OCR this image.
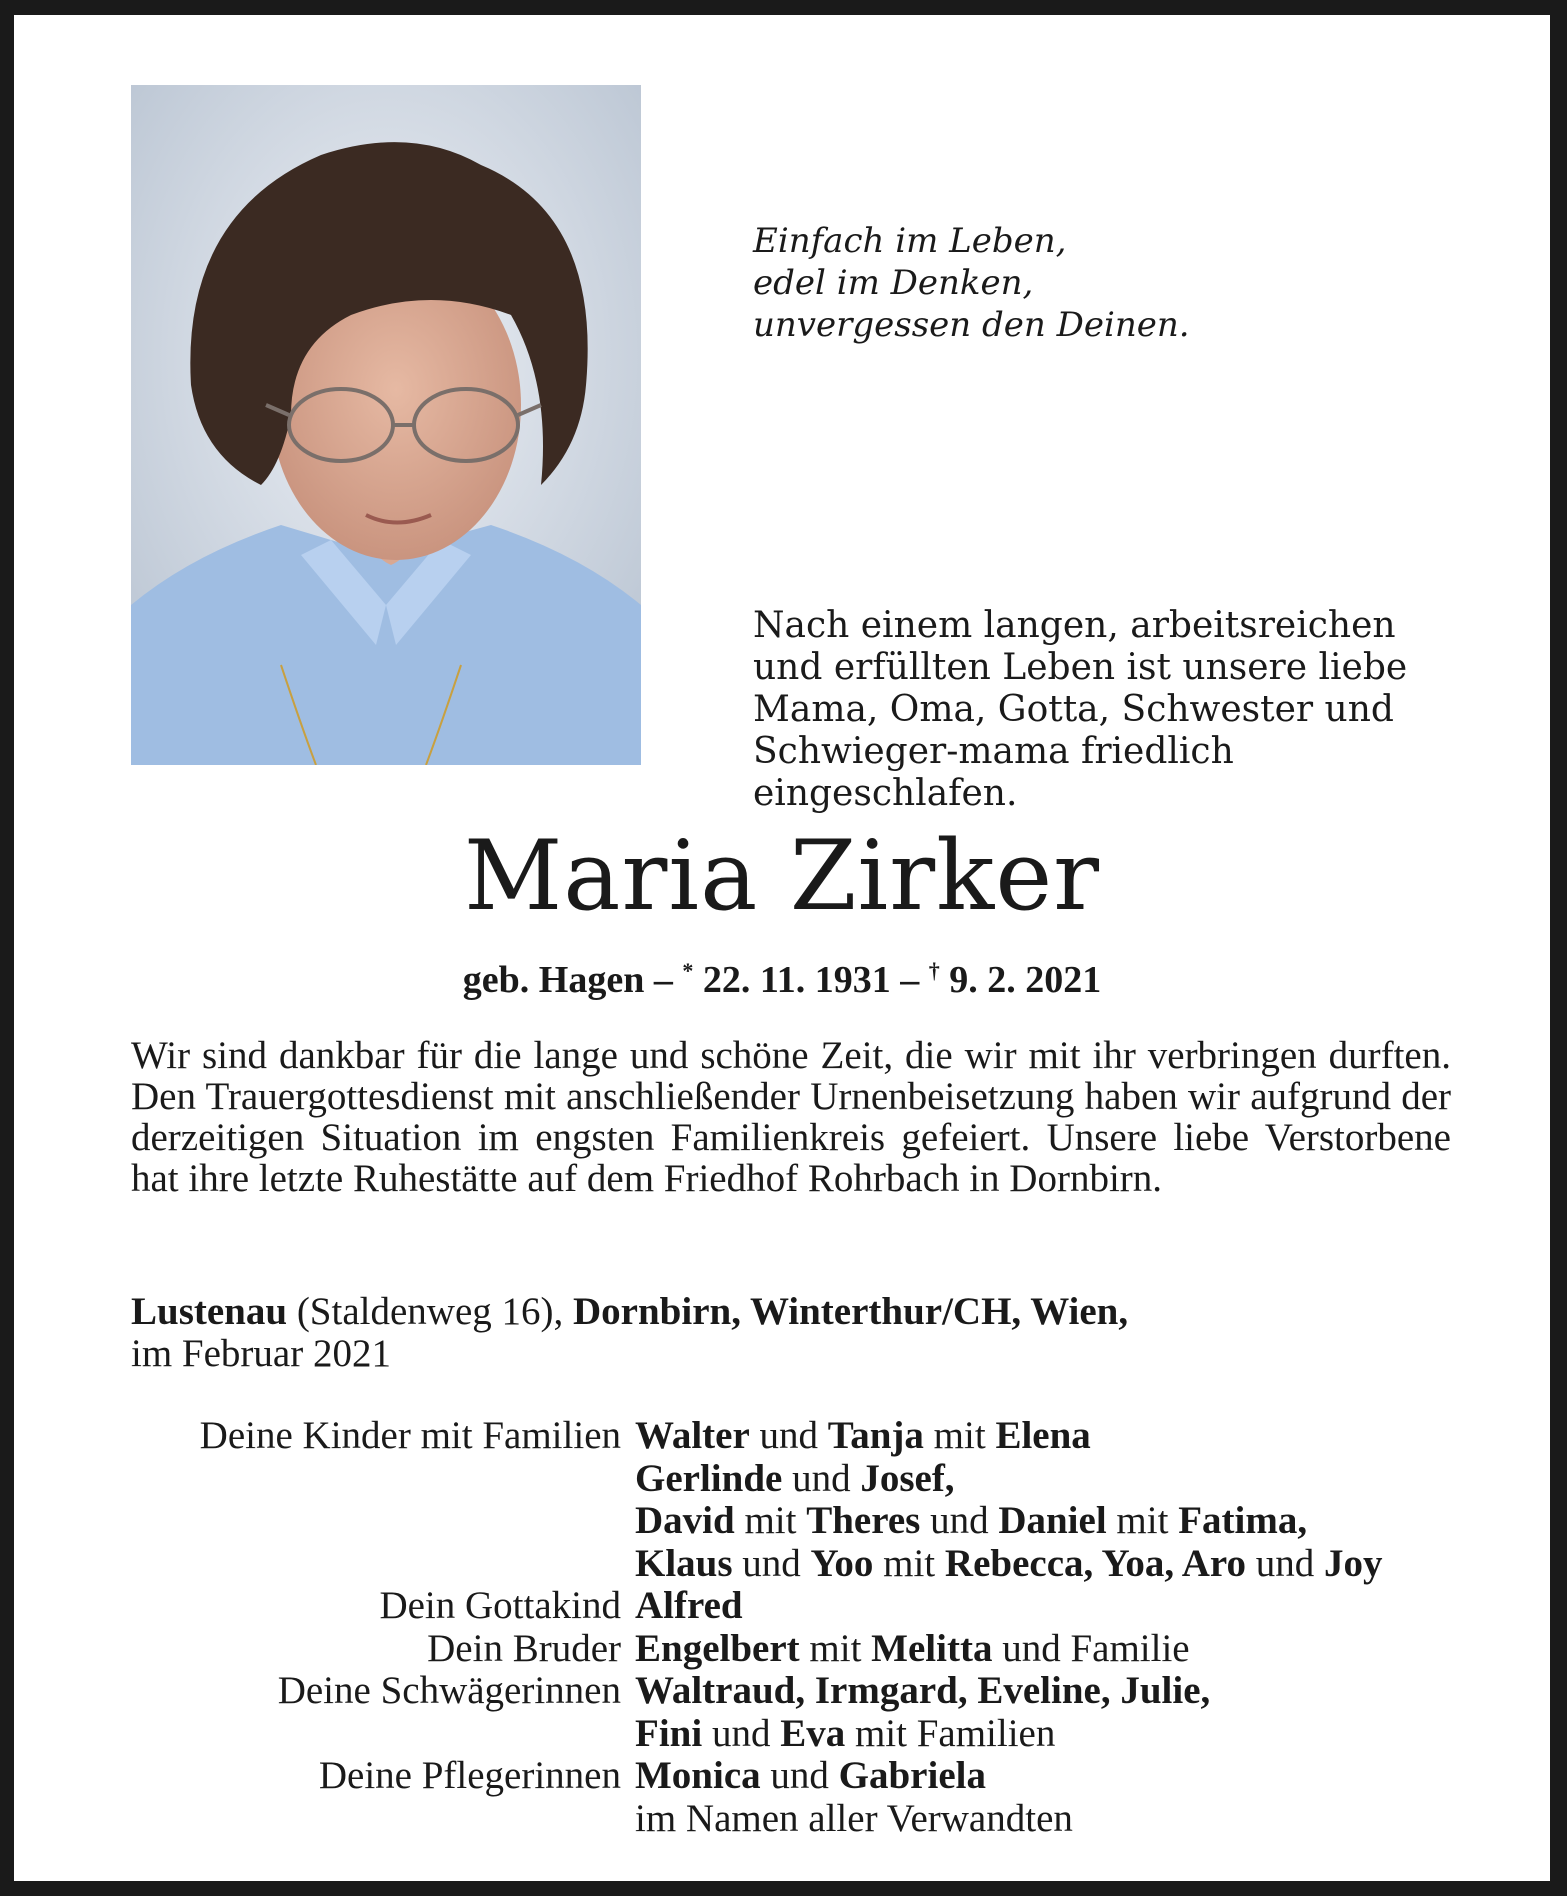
Einfach im Leben,
edel im Denken,
unvergessen den Deinen.
Nach einem langen, arbeitsreichen und erfüllten Leben ist unsere liebe Mama, Oma, Gotta, Schwester und Schwieger-mama friedlich eingeschlafen.
Maria Zirker
geb. Hagen – * 22. 11. 1931 – † 9. 2. 2021
Wir sind dankbar für die lange und schöne Zeit, die wir mit ihr verbringen durften. Den Trauergottesdienst mit anschließender Urnenbeisetzung haben wir aufgrund der derzeitigen Situation im engsten Familienkreis gefeiert. Unsere liebe Verstorbene hat ihre letzte Ruhestätte auf dem Friedhof Rohrbach in Dornbirn.
Lustenau (Staldenweg 16), Dornbirn, Winterthur/CH, Wien,
im Februar 2021
Deine Kinder mit Familien Walter und Tanja mit Elena
Gerlinde und Josef,
David mit Theres und Daniel mit Fatima,
Klaus und Yoo mit Rebecca, Yoa, Aro und Joy
Dein Gottakind Alfred
Dein Bruder Engelbert mit Melitta und Familie
Deine Schwägerinnen Waltraud, Irmgard, Eveline, Julie,
Fini und Eva mit Familien
Deine Pflegerinnen Monica und Gabriela
im Namen aller Verwandten
